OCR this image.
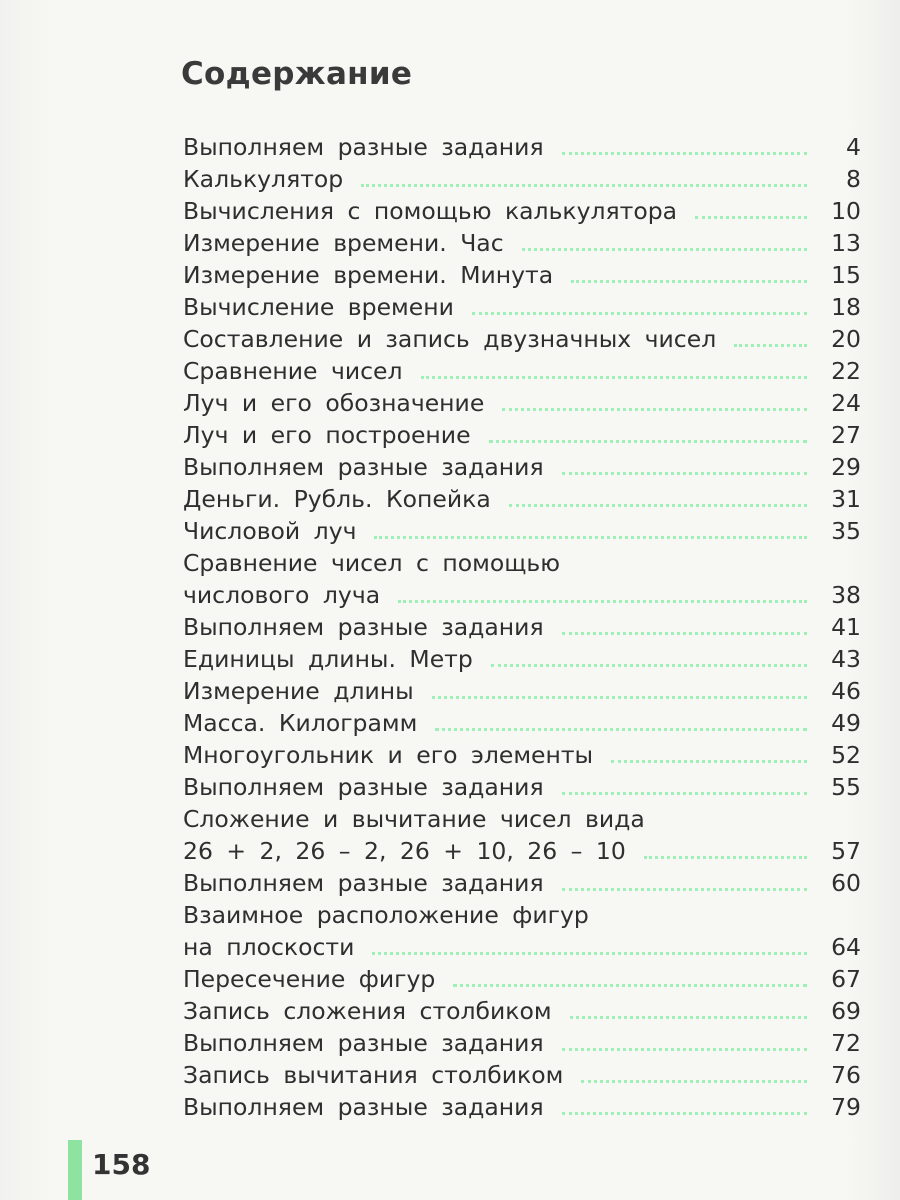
Содержание
Выполняем разные задания	4
Калькулятор	8
Вычисления с помощью калькулятора	10
Измерение времени. Час	13
Измерение времени. Минута	15
Вычисление времени	18
Составление и запись двузначных чисел	20
Сравнение чисел	22
Луч и его обозначение	24
Луч и его построение	27
Выполняем разные задания	29
Деньги. Рубль. Копейка	31
Числовой луч	35
Сравнение чисел с помощью
числового луча	38
Выполняем разные задания	41
Единицы длины. Метр	43
Измерение длины	46
Масса. Килограмм	49
Многоугольник и его элементы	52
Выполняем разные задания	55
Сложение и вычитание чисел вида
26 + 2, 26 – 2, 26 + 10, 26 – 10	57
Выполняем разные задания	60
Взаимное расположение фигур
на плоскости	64
Пересечение фигур	67
Запись сложения столбиком	69
Выполняем разные задания	72
Запись вычитания столбиком	76
Выполняем разные задания	79
158
